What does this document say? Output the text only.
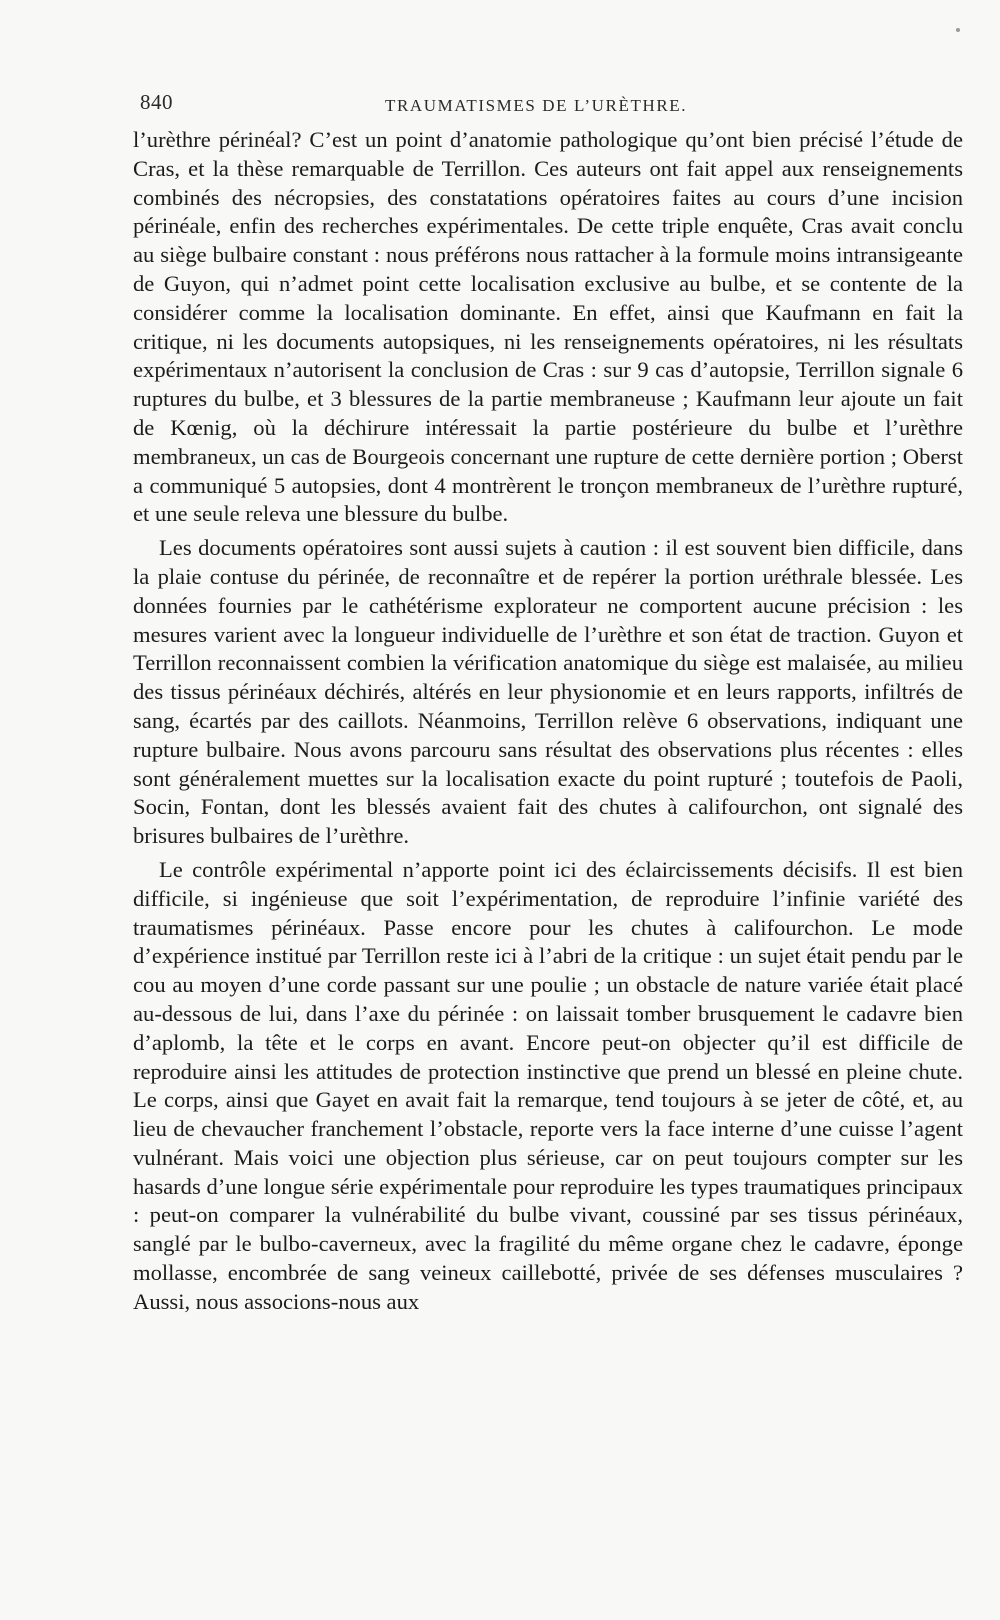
840	TRAUMATISMES DE L’URÈTHRE.

l’urèthre périnéal? C’est un point d’anatomie pathologique qu’ont bien précisé l’étude de Cras, et la thèse remarquable de Terrillon. Ces auteurs ont fait appel aux renseignements combinés des nécropsies, des constatations opératoires faites au cours d’une incision périnéale, enfin des recherches expérimentales. De cette triple enquête, Cras avait conclu au siège bulbaire constant : nous préférons nous rattacher à la formule moins intransigeante de Guyon, qui n’admet point cette localisation exclusive au bulbe, et se contente de la considérer comme la localisation dominante. En effet, ainsi que Kaufmann en fait la critique, ni les documents autopsiques, ni les renseignements opératoires, ni les résultats expérimentaux n’autorisent la conclusion de Cras : sur 9 cas d’autopsie, Terrillon signale 6 ruptures du bulbe, et 3 blessures de la partie membraneuse ; Kaufmann leur ajoute un fait de Kœnig, où la déchirure intéressait la partie postérieure du bulbe et l’urèthre membraneux, un cas de Bourgeois concernant une rupture de cette dernière portion ; Oberst a communiqué 5 autopsies, dont 4 montrèrent le tronçon membraneux de l’urèthre rupturé, et une seule releva une blessure du bulbe.

Les documents opératoires sont aussi sujets à caution : il est souvent bien difficile, dans la plaie contuse du périnée, de reconnaître et de repérer la portion uréthrale blessée. Les données fournies par le cathétérisme explorateur ne comportent aucune précision : les mesures varient avec la longueur individuelle de l’urèthre et son état de traction. Guyon et Terrillon reconnaissent combien la vérification anatomique du siège est malaisée, au milieu des tissus périnéaux déchirés, altérés en leur physionomie et en leurs rapports, infiltrés de sang, écartés par des caillots. Néanmoins, Terrillon relève 6 observations, indiquant une rupture bulbaire. Nous avons parcouru sans résultat des observations plus récentes : elles sont généralement muettes sur la localisation exacte du point rupturé ; toutefois de Paoli, Socin, Fontan, dont les blessés avaient fait des chutes à califourchon, ont signalé des brisures bulbaires de l’urèthre.

Le contrôle expérimental n’apporte point ici des éclaircissements décisifs. Il est bien difficile, si ingénieuse que soit l’expérimentation, de reproduire l’infinie variété des traumatismes périnéaux. Passe encore pour les chutes à califourchon. Le mode d’expérience institué par Terrillon reste ici à l’abri de la critique : un sujet était pendu par le cou au moyen d’une corde passant sur une poulie ; un obstacle de nature variée était placé au-dessous de lui, dans l’axe du périnée : on laissait tomber brusquement le cadavre bien d’aplomb, la tête et le corps en avant. Encore peut-on objecter qu’il est difficile de reproduire ainsi les attitudes de protection instinctive que prend un blessé en pleine chute. Le corps, ainsi que Gayet en avait fait la remarque, tend toujours à se jeter de côté, et, au lieu de chevaucher franchement l’obstacle, reporte vers la face interne d’une cuisse l’agent vulnérant. Mais voici une objection plus sérieuse, car on peut toujours compter sur les hasards d’une longue série expérimentale pour reproduire les types traumatiques principaux : peut-on comparer la vulnérabilité du bulbe vivant, coussiné par ses tissus périnéaux, sanglé par le bulbo-caverneux, avec la fragilité du même organe chez le cadavre, éponge mollasse, encombrée de sang veineux caillebotté, privée de ses défenses musculaires ? Aussi, nous associons-nous aux
